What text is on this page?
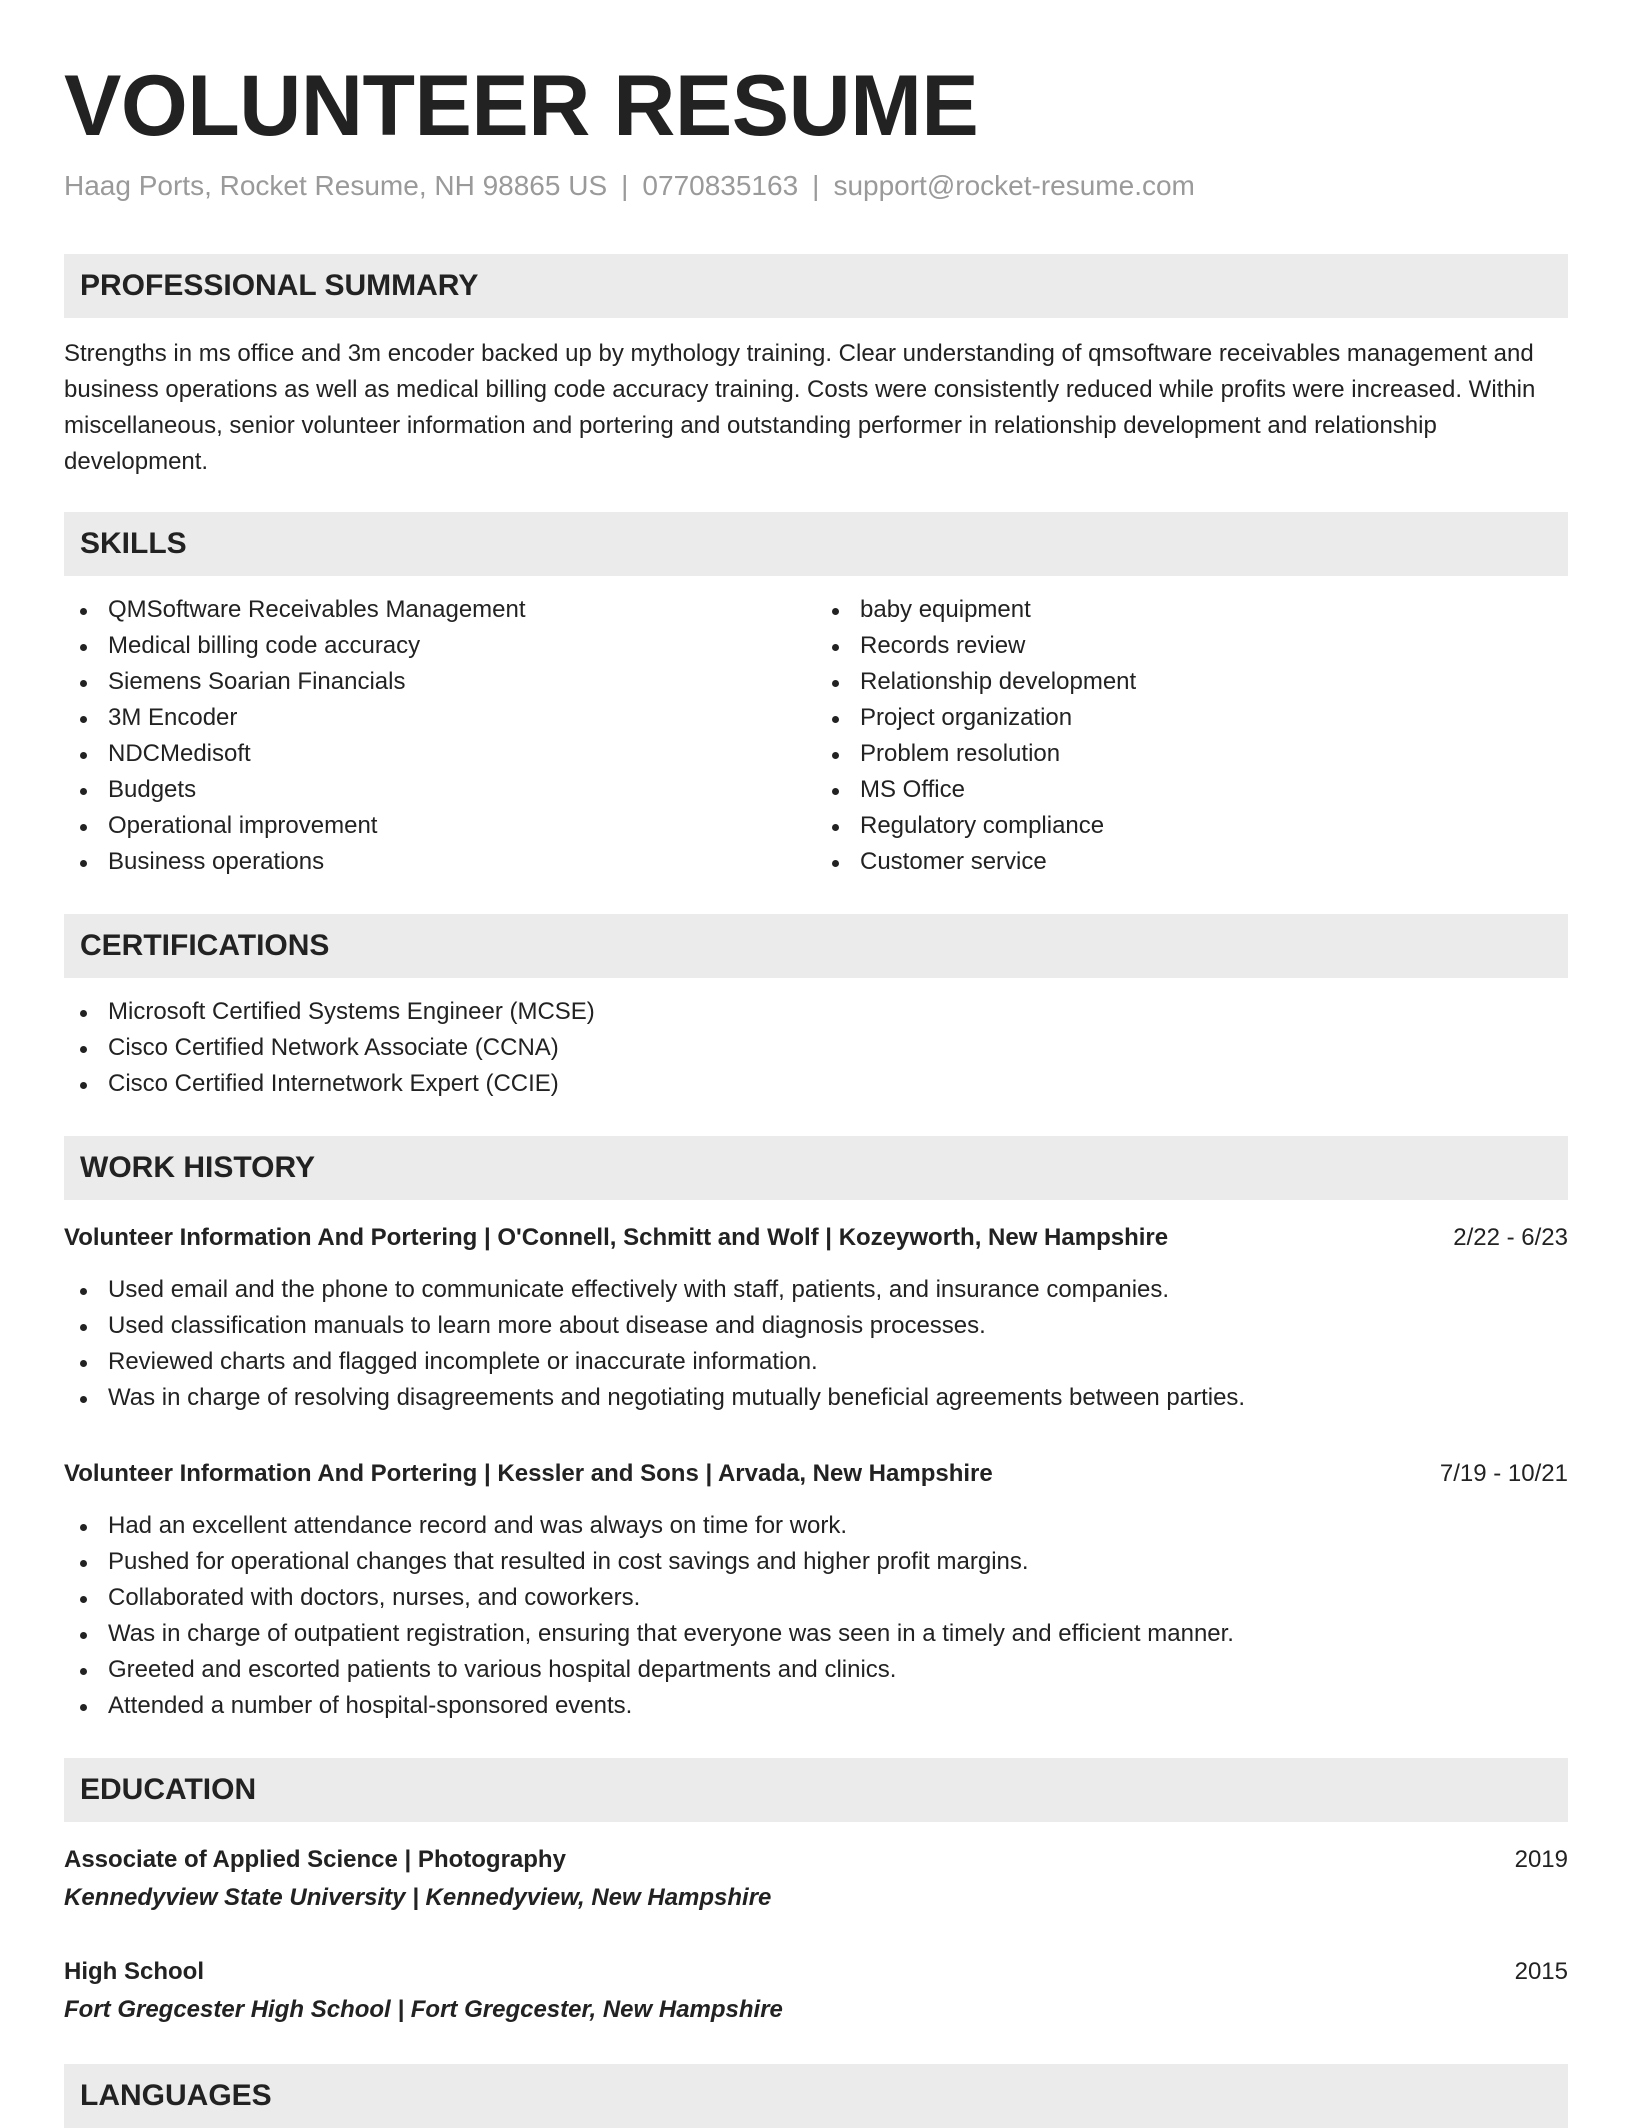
VOLUNTEER RESUME
Haag Ports, Rocket Resume, NH 98865 US | 0770835163 | support@rocket-resume.com
PROFESSIONAL SUMMARY

Strengths in ms office and 3m encoder backed up by mythology training. Clear understanding of qmsoftware receivables management and business operations as well as medical billing code accuracy training. Costs were consistently reduced while profits were increased. Within miscellaneous, senior volunteer information and portering and outstanding performer in relationship development and relationship development.

SKILLS
QMSoftware Receivables Management
Medical billing code accuracy
Siemens Soarian Financials
3M Encoder
NDCMedisoft
Budgets
Operational improvement
Business operations
baby equipment
Records review
Relationship development
Project organization
Problem resolution
MS Office
Regulatory compliance
Customer service
CERTIFICATIONS
Microsoft Certified Systems Engineer (MCSE)
Cisco Certified Network Associate (CCNA)
Cisco Certified Internetwork Expert (CCIE)
WORK HISTORY
Volunteer Information And Portering | O'Connell, Schmitt and Wolf | Kozeyworth, New Hampshire	2/22 - 6/23
Used email and the phone to communicate effectively with staff, patients, and insurance companies.
Used classification manuals to learn more about disease and diagnosis processes.
Reviewed charts and flagged incomplete or inaccurate information.
Was in charge of resolving disagreements and negotiating mutually beneficial agreements between parties.
Volunteer Information And Portering | Kessler and Sons | Arvada, New Hampshire	7/19 - 10/21
Had an excellent attendance record and was always on time for work.
Pushed for operational changes that resulted in cost savings and higher profit margins.
Collaborated with doctors, nurses, and coworkers.
Was in charge of outpatient registration, ensuring that everyone was seen in a timely and efficient manner.
Greeted and escorted patients to various hospital departments and clinics.
Attended a number of hospital-sponsored events.
EDUCATION
Associate of Applied Science | Photography	2019
Kennedyview State University | Kennedyview, New Hampshire
High School	2015
Fort Gregcester High School | Fort Gregcester, New Hampshire
LANGUAGES
